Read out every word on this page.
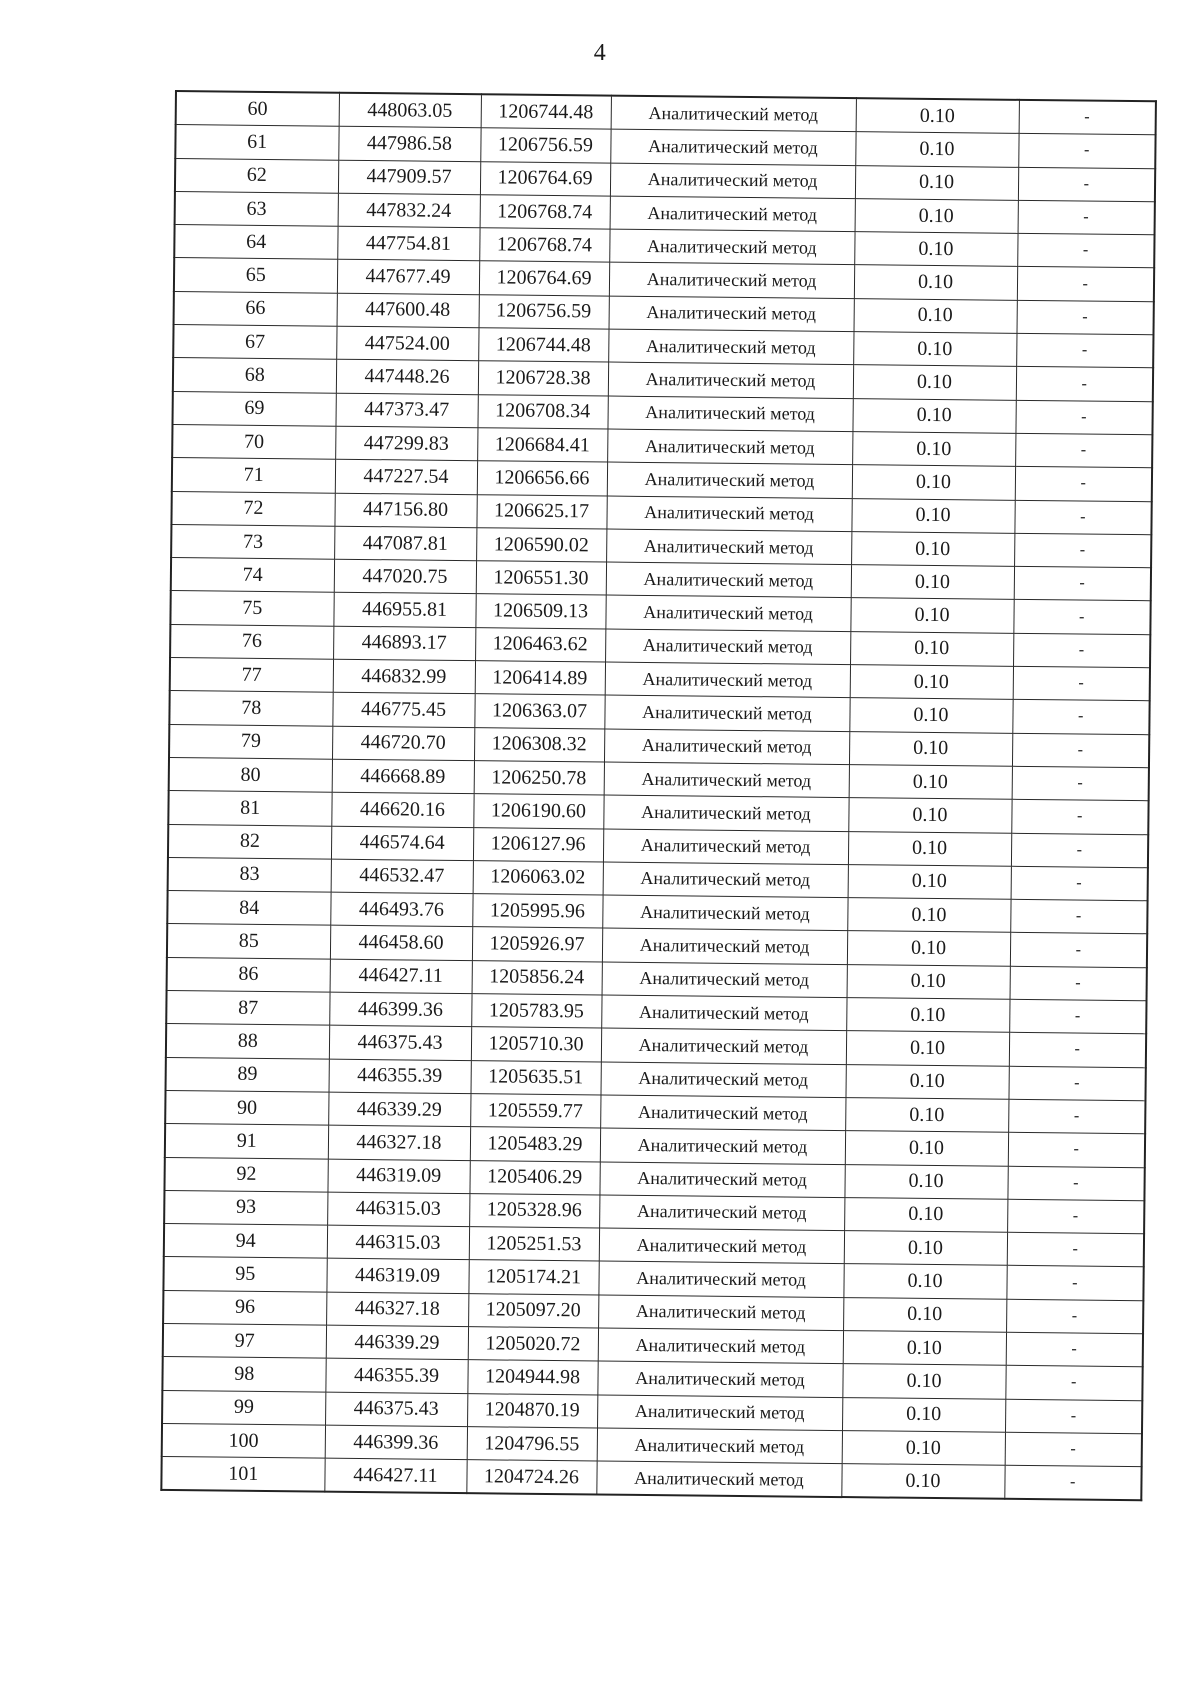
4
60	448063.05	1206744.48	Аналитический метод	0.10	-
61	447986.58	1206756.59	Аналитический метод	0.10	-
62	447909.57	1206764.69	Аналитический метод	0.10	-
63	447832.24	1206768.74	Аналитический метод	0.10	-
64	447754.81	1206768.74	Аналитический метод	0.10	-
65	447677.49	1206764.69	Аналитический метод	0.10	-
66	447600.48	1206756.59	Аналитический метод	0.10	-
67	447524.00	1206744.48	Аналитический метод	0.10	-
68	447448.26	1206728.38	Аналитический метод	0.10	-
69	447373.47	1206708.34	Аналитический метод	0.10	-
70	447299.83	1206684.41	Аналитический метод	0.10	-
71	447227.54	1206656.66	Аналитический метод	0.10	-
72	447156.80	1206625.17	Аналитический метод	0.10	-
73	447087.81	1206590.02	Аналитический метод	0.10	-
74	447020.75	1206551.30	Аналитический метод	0.10	-
75	446955.81	1206509.13	Аналитический метод	0.10	-
76	446893.17	1206463.62	Аналитический метод	0.10	-
77	446832.99	1206414.89	Аналитический метод	0.10	-
78	446775.45	1206363.07	Аналитический метод	0.10	-
79	446720.70	1206308.32	Аналитический метод	0.10	-
80	446668.89	1206250.78	Аналитический метод	0.10	-
81	446620.16	1206190.60	Аналитический метод	0.10	-
82	446574.64	1206127.96	Аналитический метод	0.10	-
83	446532.47	1206063.02	Аналитический метод	0.10	-
84	446493.76	1205995.96	Аналитический метод	0.10	-
85	446458.60	1205926.97	Аналитический метод	0.10	-
86	446427.11	1205856.24	Аналитический метод	0.10	-
87	446399.36	1205783.95	Аналитический метод	0.10	-
88	446375.43	1205710.30	Аналитический метод	0.10	-
89	446355.39	1205635.51	Аналитический метод	0.10	-
90	446339.29	1205559.77	Аналитический метод	0.10	-
91	446327.18	1205483.29	Аналитический метод	0.10	-
92	446319.09	1205406.29	Аналитический метод	0.10	-
93	446315.03	1205328.96	Аналитический метод	0.10	-
94	446315.03	1205251.53	Аналитический метод	0.10	-
95	446319.09	1205174.21	Аналитический метод	0.10	-
96	446327.18	1205097.20	Аналитический метод	0.10	-
97	446339.29	1205020.72	Аналитический метод	0.10	-
98	446355.39	1204944.98	Аналитический метод	0.10	-
99	446375.43	1204870.19	Аналитический метод	0.10	-
100	446399.36	1204796.55	Аналитический метод	0.10	-
101	446427.11	1204724.26	Аналитический метод	0.10	-
